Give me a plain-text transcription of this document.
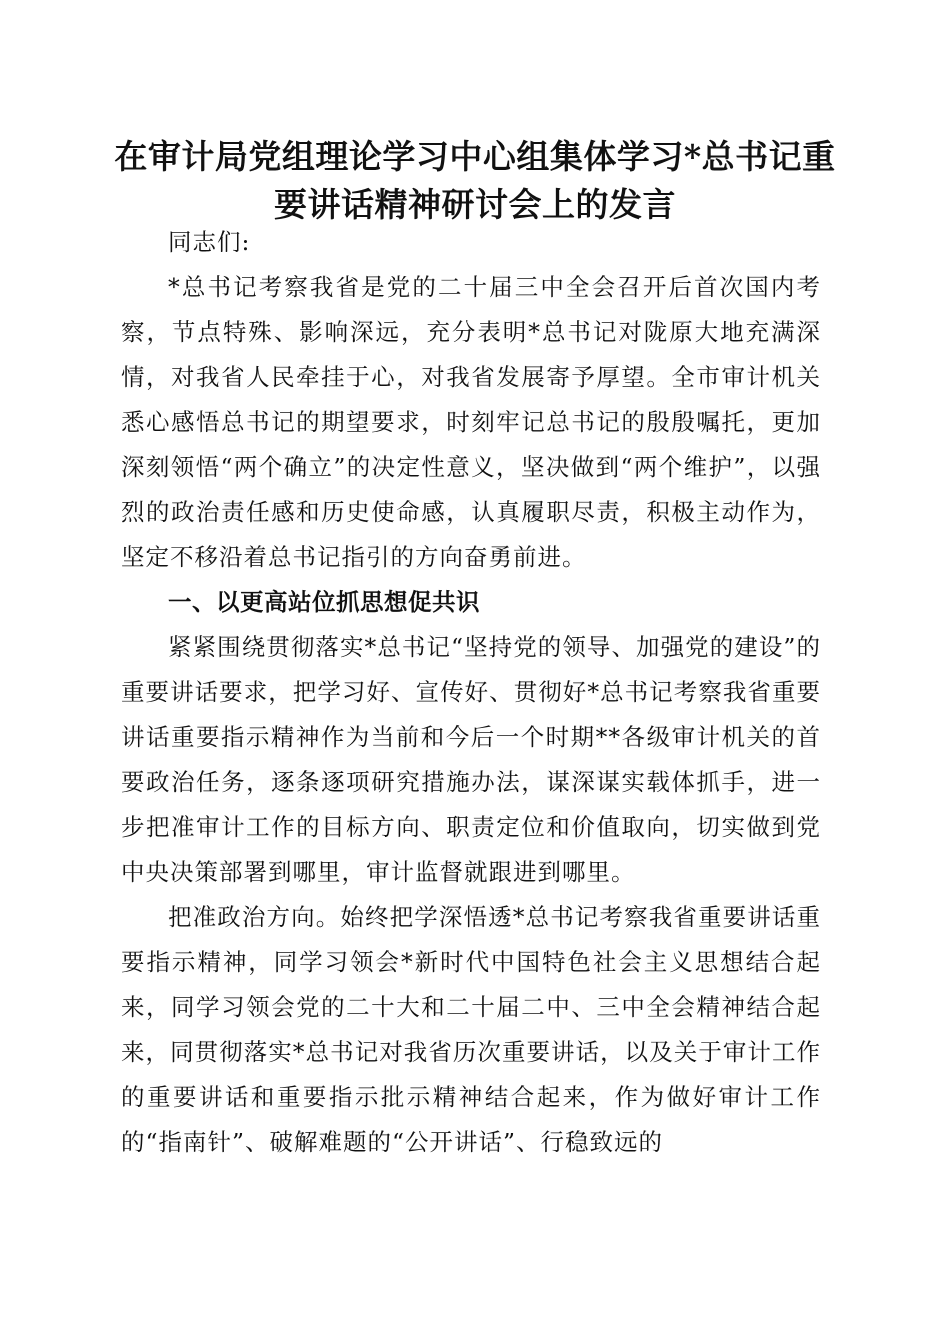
在审计局党组理论学习中心组集体学习*总书记重要讲话精神研讨会上的发言

同志们:

*总书记考察我省是党的二十届三中全会召开后首次国内考察，节点特殊、影响深远，充分表明*总书记对陇原大地充满深情，对我省人民牵挂于心，对我省发展寄予厚望。全市审计机关悉心感悟总书记的期望要求，时刻牢记总书记的殷殷嘱托，更加深刻领悟“两个确立”的决定性意义，坚决做到“两个维护”，以强烈的政治责任感和历史使命感，认真履职尽责，积极主动作为，坚定不移沿着总书记指引的方向奋勇前进。

一、以更高站位抓思想促共识

紧紧围绕贯彻落实*总书记“坚持党的领导、加强党的建设”的重要讲话要求，把学习好、宣传好、贯彻好*总书记考察我省重要讲话重要指示精神作为当前和今后一个时期**各级审计机关的首要政治任务，逐条逐项研究措施办法，谋深谋实载体抓手，进一步把准审计工作的目标方向、职责定位和价值取向，切实做到党中央决策部署到哪里，审计监督就跟进到哪里。

把准政治方向。始终把学深悟透*总书记考察我省重要讲话重要指示精神，同学习领会*新时代中国特色社会主义思想结合起来，同学习领会党的二十大和二十届二中、三中全会精神结合起来，同贯彻落实*总书记对我省历次重要讲话，以及关于审计工作的重要讲话和重要指示批示精神结合起来，作为做好审计工作的“指南针”、破解难题的“公开讲话”、行稳致远的
